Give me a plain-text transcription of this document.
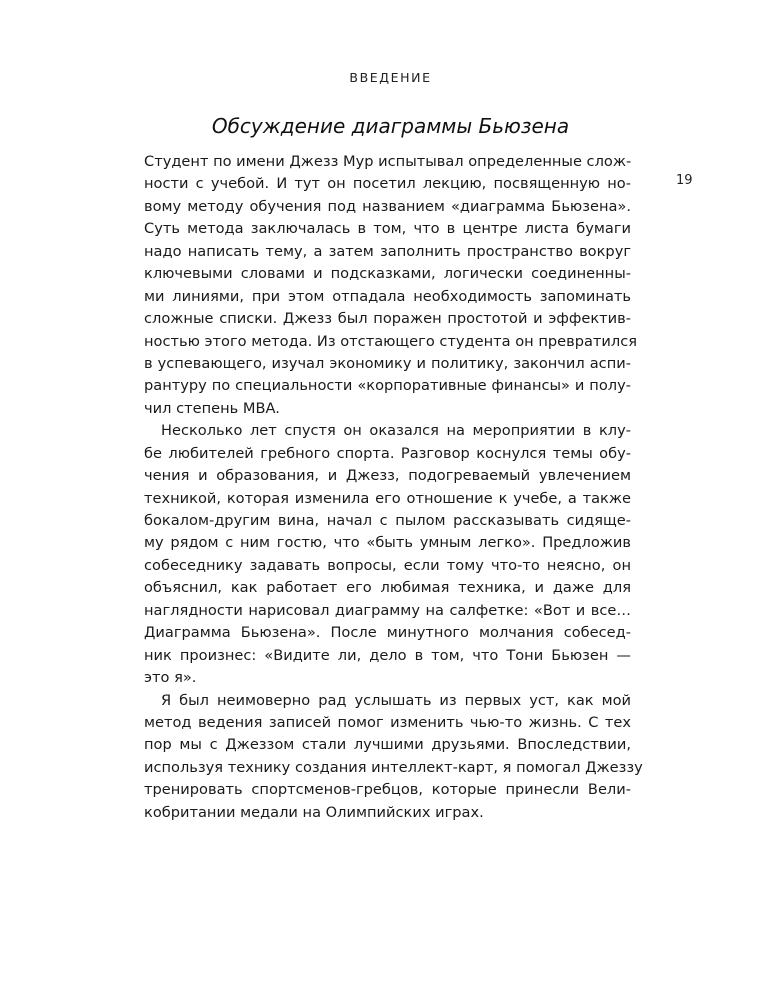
ВВЕДЕНИЕ
19
Обсуждение диаграммы Бьюзена
Студент по имени Джезз Мур испытывал определенные слож-
ности с учебой. И тут он посетил лекцию, посвященную но-
вому методу обучения под названием «диаграмма Бьюзена».
Суть метода заключалась в том, что в центре листа бумаги
надо написать тему, а затем заполнить пространство вокруг
ключевыми словами и подсказками, логически соединенны-
ми линиями, при этом отпадала необходимость запоминать
сложные списки. Джезз был поражен простотой и эффектив-
ностью этого метода. Из отстающего студента он превратился
в успевающего, изучал экономику и политику, закончил аспи-
рантуру по специальности «корпоративные финансы» и полу-
чил степень MBA.
Несколько лет спустя он оказался на мероприятии в клу-
бе любителей гребного спорта. Разговор коснулся темы обу-
чения и образования, и Джезз, подогреваемый увлечением
техникой, которая изменила его отношение к учебе, а также
бокалом-другим вина, начал с пылом рассказывать сидяще-
му рядом с ним гостю, что «быть умным легко». Предложив
собеседнику задавать вопросы, если тому что-то неясно, он
объяснил, как работает его любимая техника, и даже для
наглядности нарисовал диаграмму на салфетке: «Вот и все…
Диаграмма Бьюзена». После минутного молчания собесед-
ник произнес: «Видите ли, дело в том, что Тони Бьюзен —
это я».
Я был неимоверно рад услышать из первых уст, как мой
метод ведения записей помог изменить чью-то жизнь. С тех
пор мы с Джеззом стали лучшими друзьями. Впоследствии,
используя технику создания интеллект-карт, я помогал Джеззу
тренировать спортсменов-гребцов, которые принесли Вели-
кобритании медали на Олимпийских играх.
